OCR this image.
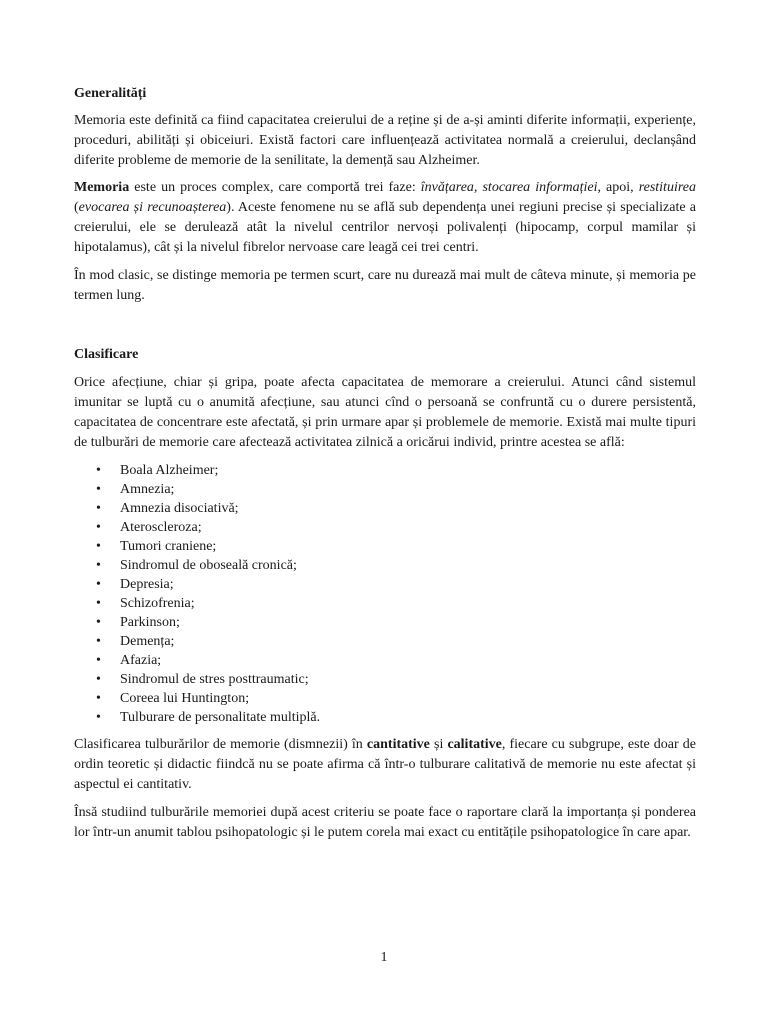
Generalități

Memoria este definită ca fiind capacitatea creierului de a reține și de a-și aminti diferite informații, experiențe, proceduri, abilități și obiceiuri. Există factori care influențează activitatea normală a creierului, declanșând diferite probleme de memorie de la senilitate, la demență sau Alzheimer.

Memoria este un proces complex, care comportă trei faze: învățarea, stocarea informației, apoi, restituirea (evocarea și recunoașterea). Aceste fenomene nu se află sub dependența unei regiuni precise și specializate a creierului, ele se derulează atât la nivelul centrilor nervoși polivalenți (hipocamp, corpul mamilar și hipotalamus), cât și la nivelul fibrelor nervoase care leagă cei trei centri.

În mod clasic, se distinge memoria pe termen scurt, care nu durează mai mult de câteva minute, și memoria pe termen lung.

Clasificare

Orice afecțiune, chiar și gripa, poate afecta capacitatea de memorare a creierului. Atunci când sistemul imunitar se luptă cu o anumită afecțiune, sau atunci cînd o persoană se confruntă cu o durere persistentă, capacitatea de concentrare este afectată, și prin urmare apar și problemele de memorie. Există mai multe tipuri de tulburări de memorie care afectează activitatea zilnică a oricărui individ, printre acestea se află:

• Boala Alzheimer;
• Amnezia;
• Amnezia disociativă;
• Ateroscleroza;
• Tumori craniene;
• Sindromul de oboseală cronică;
• Depresia;
• Schizofrenia;
• Parkinson;
• Demența;
• Afazia;
• Sindromul de stres posttraumatic;
• Coreea lui Huntington;
• Tulburare de personalitate multiplă.

Clasificarea tulburărilor de memorie (dismnezii) în cantitative și calitative, fiecare cu subgrupe, este doar de ordin teoretic și didactic fiindcă nu se poate afirma că într-o tulburare calitativă de memorie nu este afectat și aspectul ei cantitativ.

Însă studiind tulburările memoriei după acest criteriu se poate face o raportare clară la importanța și ponderea lor într-un anumit tablou psihopatologic și le putem corela mai exact cu entitățile psihopatologice în care apar.

1
